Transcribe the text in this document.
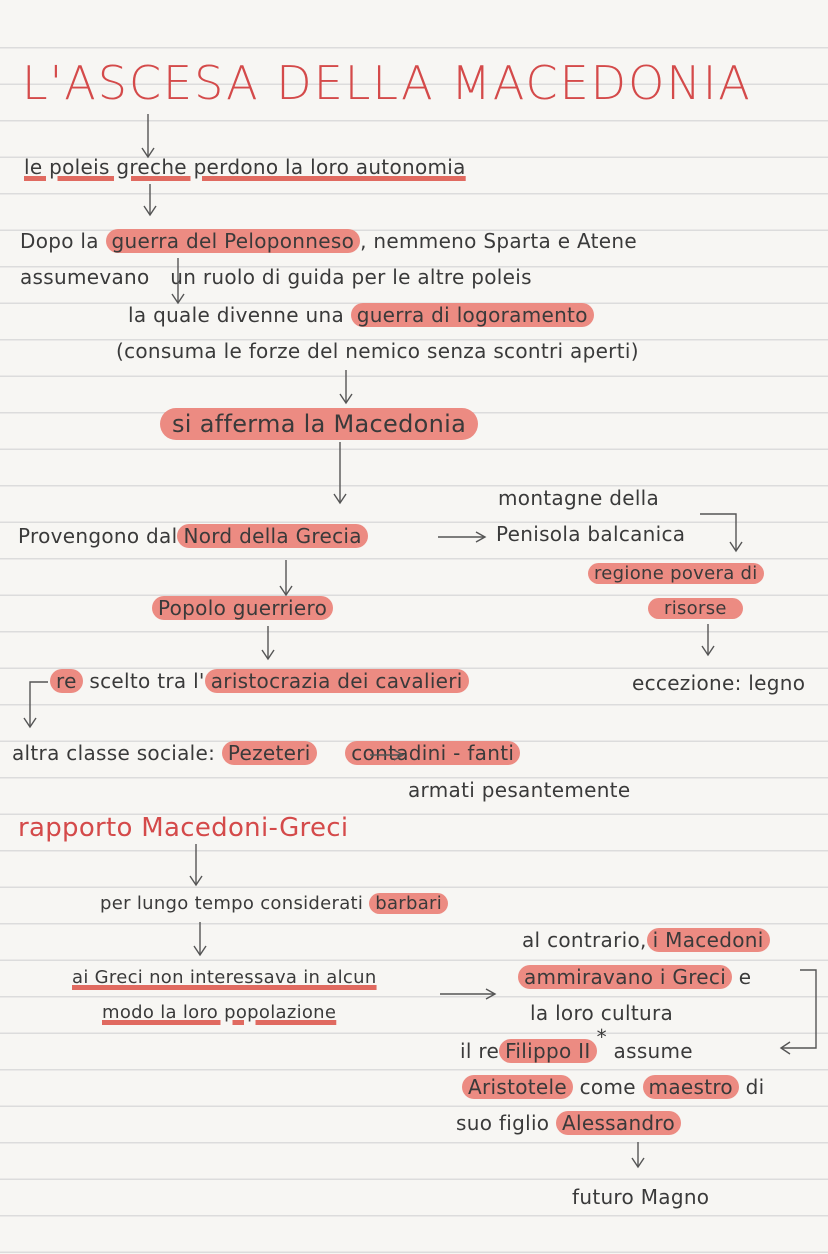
L'ASCESA DELLA MACEDONIA
le poleis greche perdono la loro autonomia
Dopo la guerra del Peloponneso , nemmeno Sparta e Atene
assumevano un ruolo di guida per le altre poleis
la quale divenne una guerra di logoramento
(consuma le forze del nemico senza scontri aperti)
si afferma la Macedonia
montagne della
Provengono dal Nord della Grecia	Penisola balcanica
regione povera di
risorse
Popolo guerriero
re scelto tra l' aristocrazia dei cavalieri	eccezione: legno
altra classe sociale: Pezeteri contadini - fanti
armati pesantemente
rapporto Macedoni-Greci
per lungo tempo considerati barbari
ai Greci non interessava in alcun
modo la loro popolazione
al contrario, i Macedoni
ammiravano i Greci e
la loro cultura
il re Filippo II* assume
Aristotele come maestro di
suo figlio Alessandro
futuro Magno
